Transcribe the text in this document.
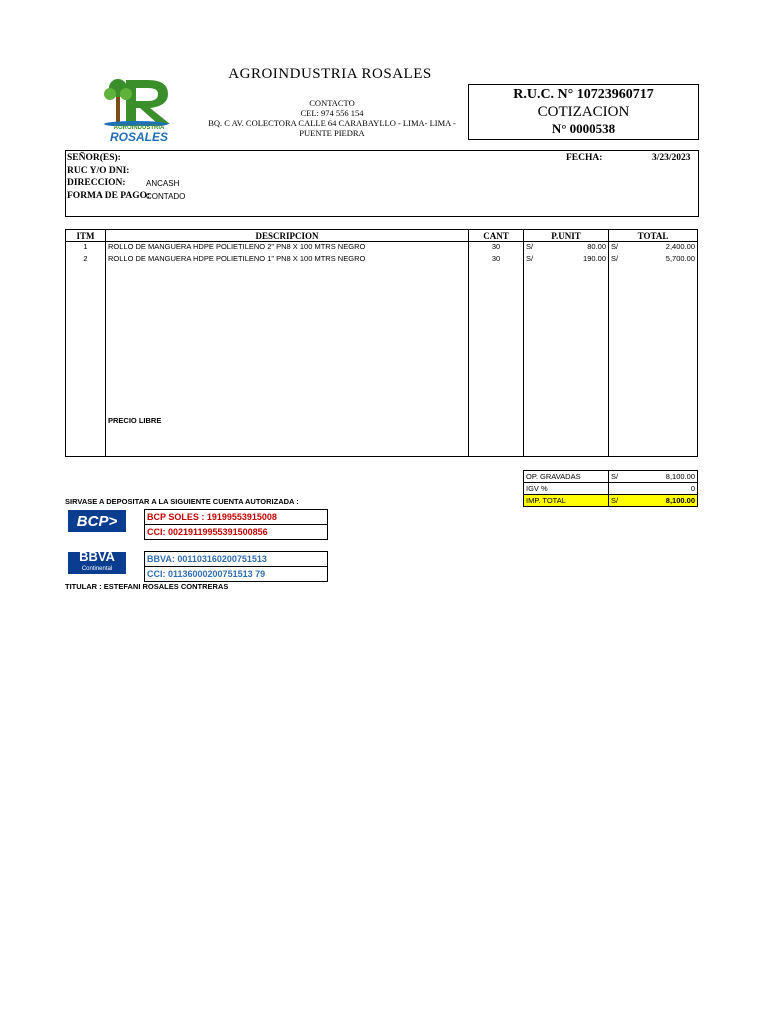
AGROINDUSTRIA
ROSALES
AGROINDUSTRIA ROSALES
CONTACTO
CEL: 974 556 154
BQ. C AV. COLECTORA CALLE 64 CARABAYLLO - LIMA- LIMA -
PUENTE PIEDRA
R.U.C. N° 10723960717
COTIZACION
N° 0000538
SEÑOR(ES):
RUC Y/O DNI:
DIRECCION:	ANCASH
FORMA DE PAGO:
CONTADO
FECHA:	3/23/2023
ITM	DESCRIPCION	CANT	P.UNIT		TOTAL	
1	ROLLO DE MANGUERA HDPE POLIETILENO 2" PN8 X 100 MTRS NEGRO	30	S/	80.00	S/	2,400.00
2	ROLLO DE MANGUERA HDPE POLIETILENO 1" PN8 X 100 MTRS NEGRO	30	S/	190.00	S/	5,700.00

	PRECIO LIBRE					

OP. GRAVADAS	S/	8,100.00
IGV %		0
IMP. TOTAL	S/	8,100.00
SIRVASE A DEPOSITAR A LA SIGUIENTE CUENTA AUTORIZADA :
BCP>	BCP SOLES : 19199553915008
CCI: 00219119955391500856
BBVA
Continental
BBVA: 001103160200751513
CCI: 01136000200751513 79
TITULAR : ESTEFANI ROSALES CONTRERAS
